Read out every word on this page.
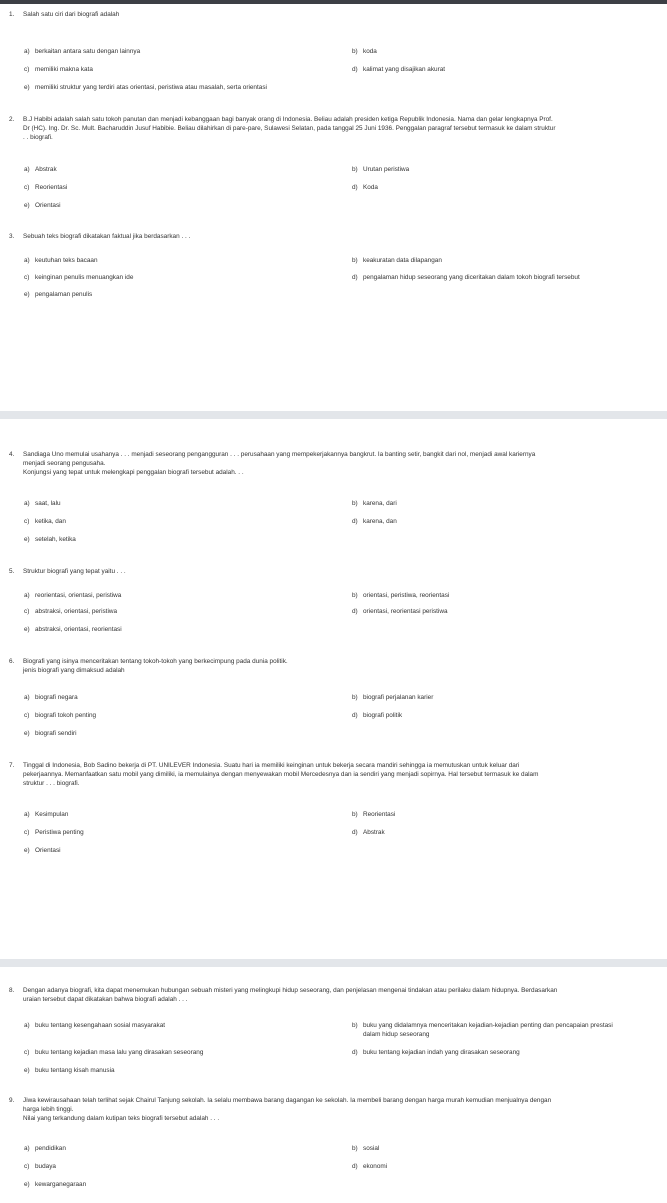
1.	Salah satu ciri dari biografi adalah
a) berkaitan antara satu dengan lainnya	b) koda
c) memiliki makna kata	d) kalimat yang disajikan akurat
e) memiliki struktur yang terdiri atas orientasi, peristiwa atau masalah, serta orientasi
2.	B.J Habibi adalah salah satu tokoh panutan dan menjadi kebanggaan bagi banyak orang di Indonesia. Beliau adalah presiden ketiga Republik Indonesia. Nama dan gelar lengkapnya Prof.
Dr (HC). Ing. Dr. Sc. Mult. Bacharuddin Jusuf Habibie. Beliau dilahirkan di pare-pare, Sulawesi Selatan, pada tanggal 25 Juni 1936. Penggalan paragraf tersebut termasuk ke dalam struktur
. . biografi.
a) Abstrak	b) Urutan peristiwa
c) Reorientasi	d) Koda
e) Orientasi
3.	Sebuah teks biografi dikatakan faktual jika berdasarkan . . .
a) keutuhan teks bacaan	b) keakuratan data dilapangan
c) keinginan penulis menuangkan ide	d) pengalaman hidup seseorang yang diceritakan dalam tokoh biografi tersebut
e) pengalaman penulis
4.	Sandiaga Uno memulai usahanya . . . menjadi seseorang pengangguran . . . perusahaan yang mempekerjakannya bangkrut. Ia banting setir, bangkit dari nol, menjadi awal kariernya
menjadi seorang pengusaha.
Konjungsi yang tepat untuk melengkapi penggalan biografi tersebut adalah. . .
a) saat, lalu	b) karena, dari
c) ketika, dan	d) karena, dan
e) setelah, ketika
5.	Struktur biografi yang tepat yaitu . . .
a) reorientasi, orientasi, peristiwa	b) orientasi, peristiwa, reorientasi
c) abstraksi, orientasi, peristiwa	d) orientasi, reorientasi peristiwa
e) abstraksi, orientasi, reorientasi
6.	Biografi yang isinya menceritakan tentang tokoh-tokoh yang berkecimpung pada dunia politik.
jenis biografi yang dimaksud adalah
a) biografi negara	b) biografi perjalanan karier
c) biografi tokoh penting	d) biografi politik
e) biografi sendiri
7.	Tinggal di Indonesia, Bob Sadino bekerja di PT. UNILEVER Indonesia. Suatu hari ia memiliki keinginan untuk bekerja secara mandiri sehingga ia memutuskan untuk keluar dari
pekerjaannya. Memanfaatkan satu mobil yang dimiliki, ia memulainya dengan menyewakan mobil Mercedesnya dan ia sendiri yang menjadi sopirnya. Hal tersebut termasuk ke dalam
struktur . . . biografi.
a) Kesimpulan	b) Reorientasi
c) Peristiwa penting	d) Abstrak
e) Orientasi
8.	Dengan adanya biografi, kita dapat menemukan hubungan sebuah misteri yang melingkupi hidup seseorang, dan penjelasan mengenai tindakan atau perilaku dalam hidupnya. Berdasarkan
uraian tersebut dapat dikatakan bahwa biografi adalah . . .
a) buku tentang kesengahaan sosial masyarakat	b) buku yang didalamnya menceritakan kejadian-kejadian penting dan pencapaian prestasi
dalam hidup seseorang
c) buku tentang kejadian masa lalu yang dirasakan seseorang	d) buku tentang kejadian indah yang dirasakan seseorang
e) buku tentang kisah manusia
9.	Jiwa kewirausahaan telah terlihat sejak Chairul Tanjung sekolah. Ia selalu membawa barang dagangan ke sekolah. Ia membeli barang dengan harga murah kemudian menjualnya dengan
harga lebih tinggi.
Nilai yang terkandung dalam kutipan teks biografi tersebut adalah . . .
a) pendidikan	b) sosial
c) budaya	d) ekonomi
e) kewarganegaraan
